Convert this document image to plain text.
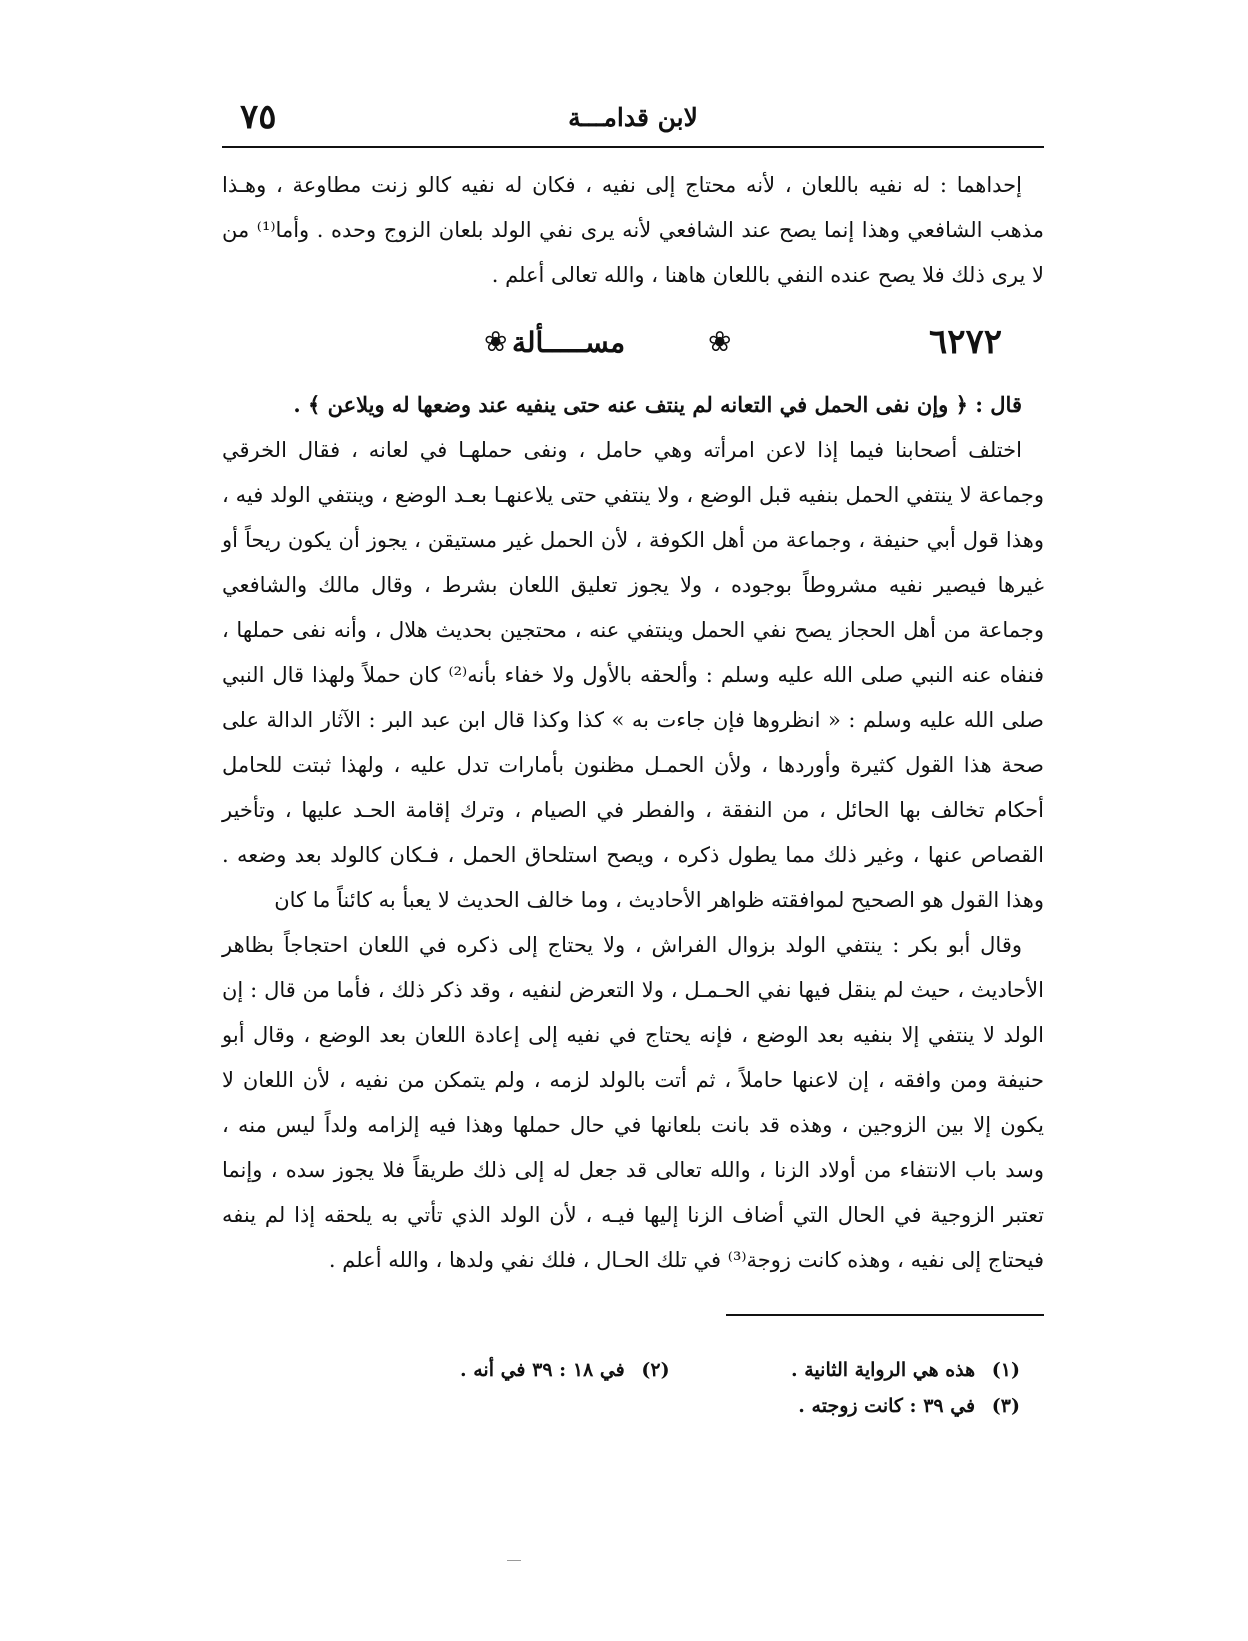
٧٥	لابن قدامـــة

إحداهما : له نفيه باللعان ، لأنه محتاج إلى نفيه ، فكان له نفيه كالو زنت مطاوعة ، وهـذا مذهب الشافعي وهذا إنما يصح عند الشافعي لأنه يرى نفي الولد بلعان الزوج وحده . وأما⁽¹⁾ من لا يرى ذلك فلا يصح عنده النفي باللعان هاهنا ، والله تعالى أعلم .

٦٢٧٢
❀ مســـــألة	❀

قال : ﴿ وإن نفى الحمل في التعانه لم ينتف عنه حتى ينفيه عند وضعها له ويلاعن ﴾ .

اختلف أصحابنا فيما إذا لاعن امرأته وهي حامل ، ونفى حملهـا في لعانه ، فقال الخرقي وجماعة لا ينتفي الحمل بنفيه قبل الوضع ، ولا ينتفي حتى يلاعنهـا بعـد الوضع ، وينتفي الولد فيه ، وهذا قول أبي حنيفة ، وجماعة من أهل الكوفة ، لأن الحمل غير مستيقن ، يجوز أن يكون ريحاً أو غيرها فيصير نفيه مشروطاً بوجوده ، ولا يجوز تعليق اللعان بشرط ، وقال مالك والشافعي وجماعة من أهل الحجاز يصح نفي الحمل وينتفي عنه ، محتجين بحديث هلال ، وأنه نفى حملها ، فنفاه عنه النبي صلى الله عليه وسلم : وألحقه بالأول ولا خفاء بأنه⁽²⁾ كان حملاً ولهذا قال النبي صلى الله عليه وسلم : « انظروها فإن جاءت به » كذا وكذا قال ابن عبد البر : الآثار الدالة على صحة هذا القول كثيرة وأوردها ، ولأن الحمـل مظنون بأمارات تدل عليه ، ولهذا ثبتت للحامل أحكام تخالف بها الحائل ، من النفقة ، والفطر في الصيام ، وترك إقامة الحـد عليها ، وتأخير القصاص عنها ، وغير ذلك مما يطول ذكره ، ويصح استلحاق الحمل ، فـكان كالولد بعد وضعه . وهذا القول هو الصحيح لموافقته ظواهر الأحاديث ، وما خالف الحديث لا يعبأ به كائناً ما كان

وقال أبو بكر : ينتفي الولد بزوال الفراش ، ولا يحتاج إلى ذكره في اللعان احتجاجاً بظاهر الأحاديث ، حيث لم ينقل فيها نفي الحـمـل ، ولا التعرض لنفيه ، وقد ذكر ذلك ، فأما من قال : إن الولد لا ينتفي إلا بنفيه بعد الوضع ، فإنه يحتاج في نفيه إلى إعادة اللعان بعد الوضع ، وقال أبو حنيفة ومن وافقه ، إن لاعنها حاملاً ، ثم أتت بالولد لزمه ، ولم يتمكن من نفيه ، لأن اللعان لا يكون إلا بين الزوجين ، وهذه قد بانت بلعانها في حال حملها وهذا فيه إلزامه ولداً ليس منه ، وسد باب الانتفاء من أولاد الزنا ، والله تعالى قد جعل له إلى ذلك طريقاً فلا يجوز سده ، وإنما تعتبر الزوجية في الحال التي أضاف الزنا إليها فيـه ، لأن الولد الذي تأتي به يلحقه إذا لم ينفه فيحتاج إلى نفيه ، وهذه كانت زوجة⁽³⁾ في تلك الحـال ، فلك نفي ولدها ، والله أعلم .

(١) هذه هي الرواية الثانية .
(٢) في ١٨ : ٣٩ في أنه .
(٣) في ٣٩ : كانت زوجته .
